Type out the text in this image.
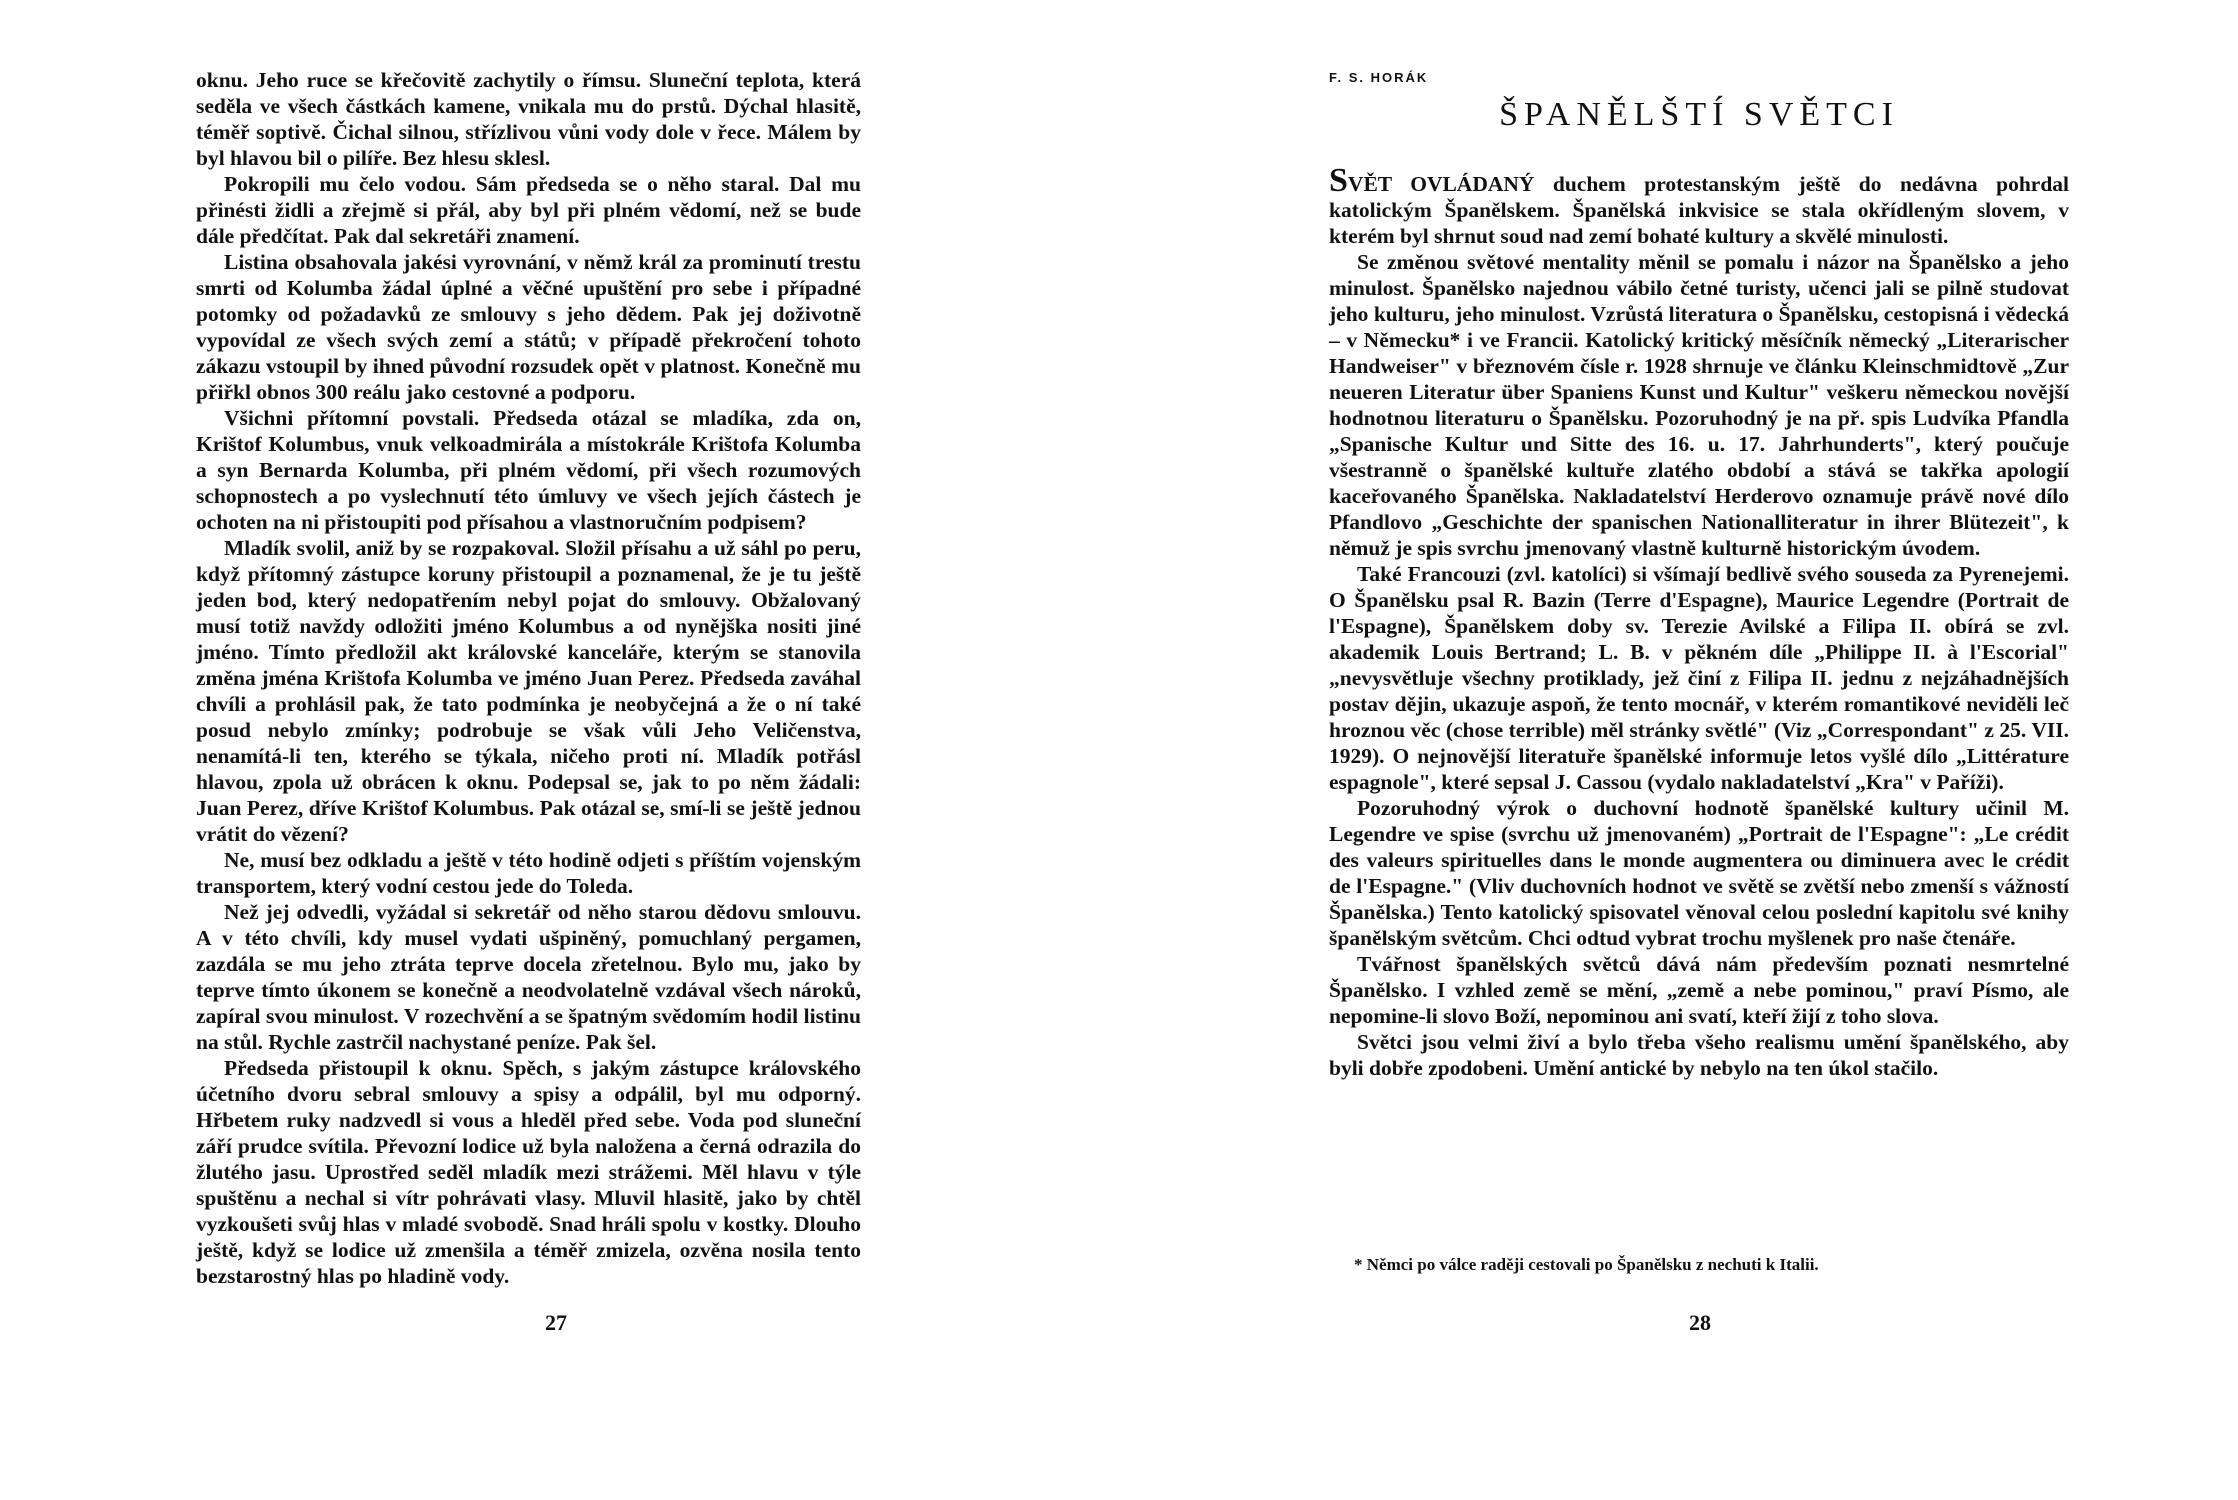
oknu. Jeho ruce se křečovitě zachytily o římsu. Sluneční teplota, která seděla ve všech částkách kamene, vnikala mu do prstů. Dýchal hlasitě, téměř soptivě. Čichal silnou, střízlivou vůni vody dole v řece. Málem by byl hlavou bil o pilíře. Bez hlesu sklesl.

Pokropili mu čelo vodou. Sám předseda se o něho staral. Dal mu přinésti židli a zřejmě si přál, aby byl při plném vědomí, než se bude dále předčítat. Pak dal sekretáři znamení.

Listina obsahovala jakési vyrovnání, v němž král za prominutí trestu smrti od Kolumba žádal úplné a věčné upuštění pro sebe i případné potomky od požadavků ze smlouvy s jeho dědem. Pak jej doživotně vypovídal ze všech svých zemí a států; v případě překročení tohoto zákazu vstoupil by ihned původní rozsudek opět v platnost. Konečně mu přiřkl obnos 300 reálu jako cestovné a podporu.

Všichni přítomní povstali. Předseda otázal se mladíka, zda on, Krištof Kolumbus, vnuk velkoadmirála a místokrále Krištofa Kolumba a syn Bernarda Kolumba, při plném vědomí, při všech rozumových schopnostech a po vyslechnutí této úmluvy ve všech jejích částech je ochoten na ni přistoupiti pod přísahou a vlastnoručním podpisem?

Mladík svolil, aniž by se rozpakoval. Složil přísahu a už sáhl po peru, když přítomný zástupce koruny přistoupil a poznamenal, že je tu ještě jeden bod, který nedopatřením nebyl pojat do smlouvy. Obžalovaný musí totiž navždy odložiti jméno Kolumbus a od nynějška nositi jiné jméno. Tímto předložil akt královské kanceláře, kterým se stanovila změna jména Krištofa Kolumba ve jméno Juan Perez. Předseda zaváhal chvíli a prohlásil pak, že tato podmínka je neobyčejná a že o ní také posud nebylo zmínky; podrobuje se však vůli Jeho Veličenstva, nenamítá-li ten, kterého se týkala, ničeho proti ní. Mladík potřásl hlavou, zpola už obrácen k oknu. Podepsal se, jak to po něm žádali: Juan Perez, dříve Krištof Kolumbus. Pak otázal se, smí-li se ještě jednou vrátit do vězení?

Ne, musí bez odkladu a ještě v této hodině odjeti s příštím vojenským transportem, který vodní cestou jede do Toleda.

Než jej odvedli, vyžádal si sekretář od něho starou dědovu smlouvu. A v této chvíli, kdy musel vydati ušpiněný, pomuchlaný pergamen, zazdála se mu jeho ztráta teprve docela zřetelnou. Bylo mu, jako by teprve tímto úkonem se konečně a neodvolatelně vzdával všech nároků, zapíral svou minulost. V rozechvění a se špatným svědomím hodil listinu na stůl. Rychle zastrčil nachystané peníze. Pak šel.

Předseda přistoupil k oknu. Spěch, s jakým zástupce královského účetního dvoru sebral smlouvy a spisy a odpálil, byl mu odporný. Hřbetem ruky nadzvedl si vous a hleděl před sebe. Voda pod sluneční září prudce svítila. Převozní lodice už byla naložena a černá odrazila do žlutého jasu. Uprostřed seděl mladík mezi strážemi. Měl hlavu v týle spuštěnu a nechal si vítr pohrávati vlasy. Mluvil hlasitě, jako by chtěl vyzkoušeti svůj hlas v mladé svobodě. Snad hráli spolu v kostky. Dlouho ještě, když se lodice už zmenšila a téměř zmizela, ozvěna nosila tento bezstarostný hlas po hladině vody.

27
F. S. HORÁK
ŠPANĚLŠTÍ SVĚTCI

SVĚT OVLÁDANÝ duchem protestanským ještě do nedávna pohrdal katolickým Španělskem. Španělská inkvisice se stala okřídleným slovem, v kterém byl shrnut soud nad zemí bohaté kultury a skvělé minulosti.

Se změnou světové mentality měnil se pomalu i názor na Španělsko a jeho minulost. Španělsko najednou vábilo četné turisty, učenci jali se pilně studovat jeho kulturu, jeho minulost. Vzrůstá literatura o Španělsku, cestopisná i vědecká – v Německu* i ve Francii. Katolický kritický měsíčník německý „Literarischer Handweiser" v březnovém čísle r. 1928 shrnuje ve článku Kleinschmidtově „Zur neueren Literatur über Spaniens Kunst und Kultur" veškeru německou novější hodnotnou literaturu o Španělsku. Pozoruhodný je na př. spis Ludvíka Pfandla „Spanische Kultur und Sitte des 16. u. 17. Jahrhunderts", který poučuje všestranně o španělské kultuře zlatého období a stává se takřka apologií kaceřovaného Španělska. Nakladatelství Herderovo oznamuje právě nové dílo Pfandlovo „Geschichte der spanischen Nationalliteratur in ihrer Blütezeit", k němuž je spis svrchu jmenovaný vlastně kulturně historickým úvodem.

Také Francouzi (zvl. katolíci) si všímají bedlivě svého souseda za Pyrenejemi. O Španělsku psal R. Bazin (Terre d'Espagne), Maurice Legendre (Portrait de l'Espagne), Španělskem doby sv. Terezie Avilské a Filipa II. obírá se zvl. akademik Louis Bertrand; L. B. v pěkném díle „Philippe II. à l'Escorial" „nevysvětluje všechny protiklady, jež činí z Filipa II. jednu z nejzáhadnějších postav dějin, ukazuje aspoň, že tento mocnář, v kterém romantikové neviděli leč hroznou věc (chose terrible) měl stránky světlé" (Viz „Correspondant" z 25. VII. 1929). O nejnovější literatuře španělské informuje letos vyšlé dílo „Littérature espagnole", které sepsal J. Cassou (vydalo nakladatelství „Kra" v Paříži).

Pozoruhodný výrok o duchovní hodnotě španělské kultury učinil M. Legendre ve spise (svrchu už jmenovaném) „Portrait de l'Espagne": „Le crédit des valeurs spirituelles dans le monde augmentera ou diminuera avec le crédit de l'Espagne." (Vliv duchovních hodnot ve světě se zvětší nebo zmenší s vážností Španělska.) Tento katolický spisovatel věnoval celou poslední kapitolu své knihy španělským světcům. Chci odtud vybrat trochu myšlenek pro naše čtenáře.

Tvářnost španělských světců dává nám především poznati nesmrtelné Španělsko. I vzhled země se mění, „země a nebe pominou," praví Písmo, ale nepomine-li slovo Boží, nepominou ani svatí, kteří žijí z toho slova.

Světci jsou velmi živí a bylo třeba všeho realismu umění španělského, aby byli dobře zpodobeni. Umění antické by nebylo na ten úkol stačilo.

* Němci po válce raději cestovali po Španělsku z nechuti k Italii.

28
